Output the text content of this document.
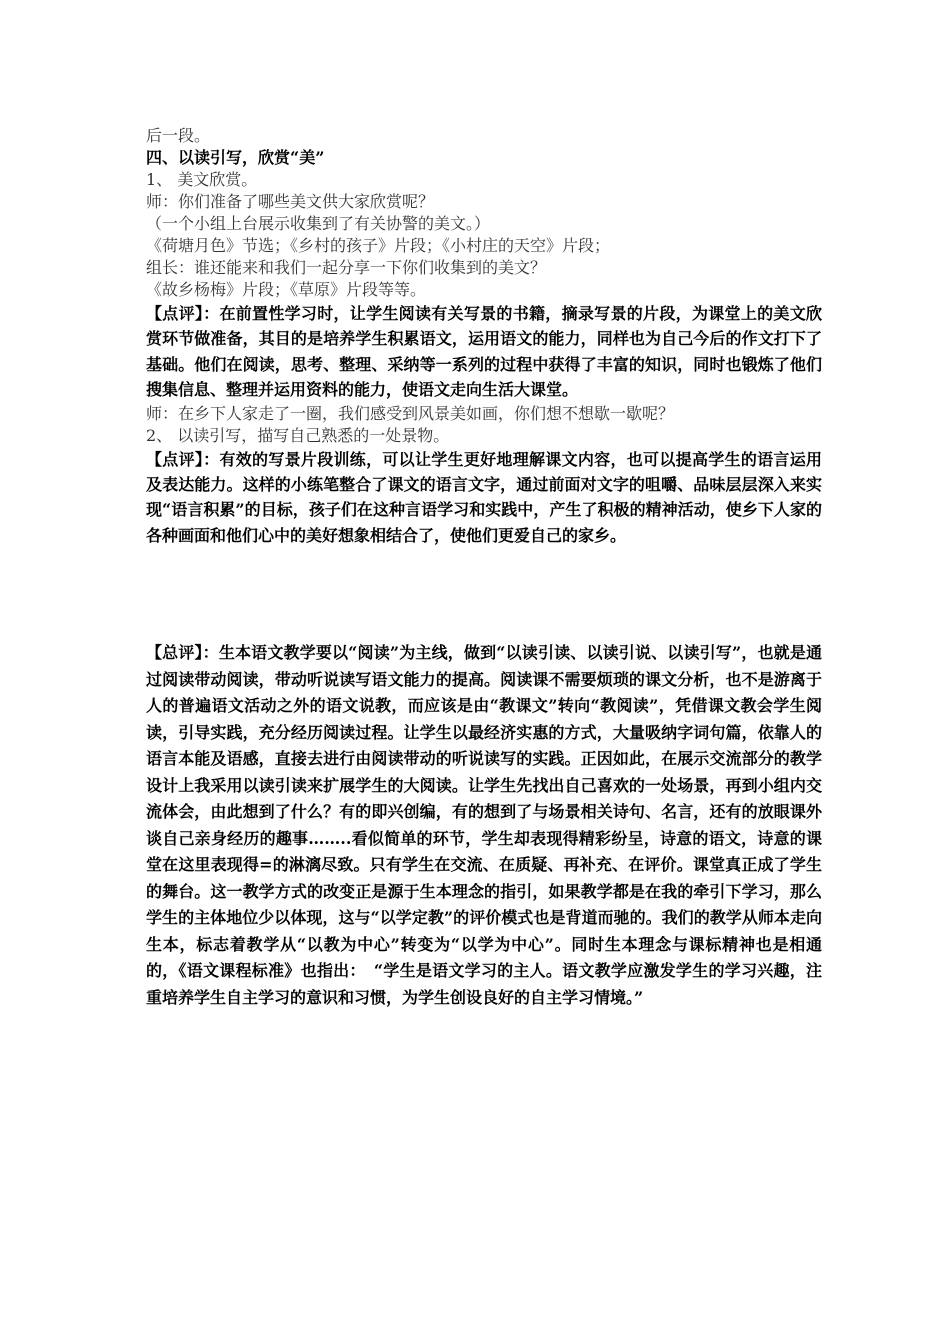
后一段。
四、以读引写，欣赏“美”
1、 美文欣赏。
师：你们准备了哪些美文供大家欣赏呢？
（一个小组上台展示收集到了有关协警的美文。）
《荷塘月色》节选；《乡村的孩子》片段；《小村庄的天空》片段；
组长：谁还能来和我们一起分享一下你们收集到的美文？
《故乡杨梅》片段；《草原》片段等等。

【点评】：在前置性学习时，让学生阅读有关写景的书籍，摘录写景的片段，为课堂上的美文欣赏环节做准备，其目的是培养学生积累语文，运用语文的能力，同样也为自己今后的作文打下了基础。他们在阅读，思考、整理、采纳等一系列的过程中获得了丰富的知识，同时也锻炼了他们搜集信息、整理并运用资料的能力，使语文走向生活大课堂。

师：在乡下人家走了一圈，我们感受到风景美如画，你们想不想歇一歇呢？
2、 以读引写，描写自己熟悉的一处景物。

【点评】：有效的写景片段训练，可以让学生更好地理解课文内容，也可以提高学生的语言运用及表达能力。这样的小练笔整合了课文的语言文字，通过前面对文字的咀嚼、品味层层深入来实现“语言积累”的目标，孩子们在这种言语学习和实践中，产生了积极的精神活动，使乡下人家的各种画面和他们心中的美好想象相结合了，使他们更爱自己的家乡。

【总评】：生本语文教学要以“阅读”为主线，做到“以读引读、以读引说、以读引写”，也就是通过阅读带动阅读，带动听说读写语文能力的提高。阅读课不需要烦琐的课文分析，也不是游离于人的普遍语文活动之外的语文说教，而应该是由“教课文”转向“教阅读”，凭借课文教会学生阅读，引导实践，充分经历阅读过程。让学生以最经济实惠的方式，大量吸纳字词句篇，依靠人的语言本能及语感，直接去进行由阅读带动的听说读写的实践。正因如此，在展示交流部分的教学设计上我采用以读引读来扩展学生的大阅读。让学生先找出自己喜欢的一处场景，再到小组内交流体会，由此想到了什么？有的即兴创编，有的想到了与场景相关诗句、名言，还有的放眼课外谈自己亲身经历的趣事……..看似简单的环节，学生却表现得精彩纷呈，诗意的语文，诗意的课堂在这里表现得=的淋漓尽致。只有学生在交流、在质疑、再补充、在评价。课堂真正成了学生的舞台。这一教学方式的改变正是源于生本理念的指引，如果教学都是在我的牵引下学习，那么学生的主体地位少以体现，这与“以学定教”的评价模式也是背道而驰的。我们的教学从师本走向生本，标志着教学从“以教为中心”转变为“以学为中心”。同时生本理念与课标精神也是相通的，《语文课程标准》也指出：　“学生是语文学习的主人。语文教学应激发学生的学习兴趣，注重培养学生自主学习的意识和习惯，为学生创设良好的自主学习情境。”
